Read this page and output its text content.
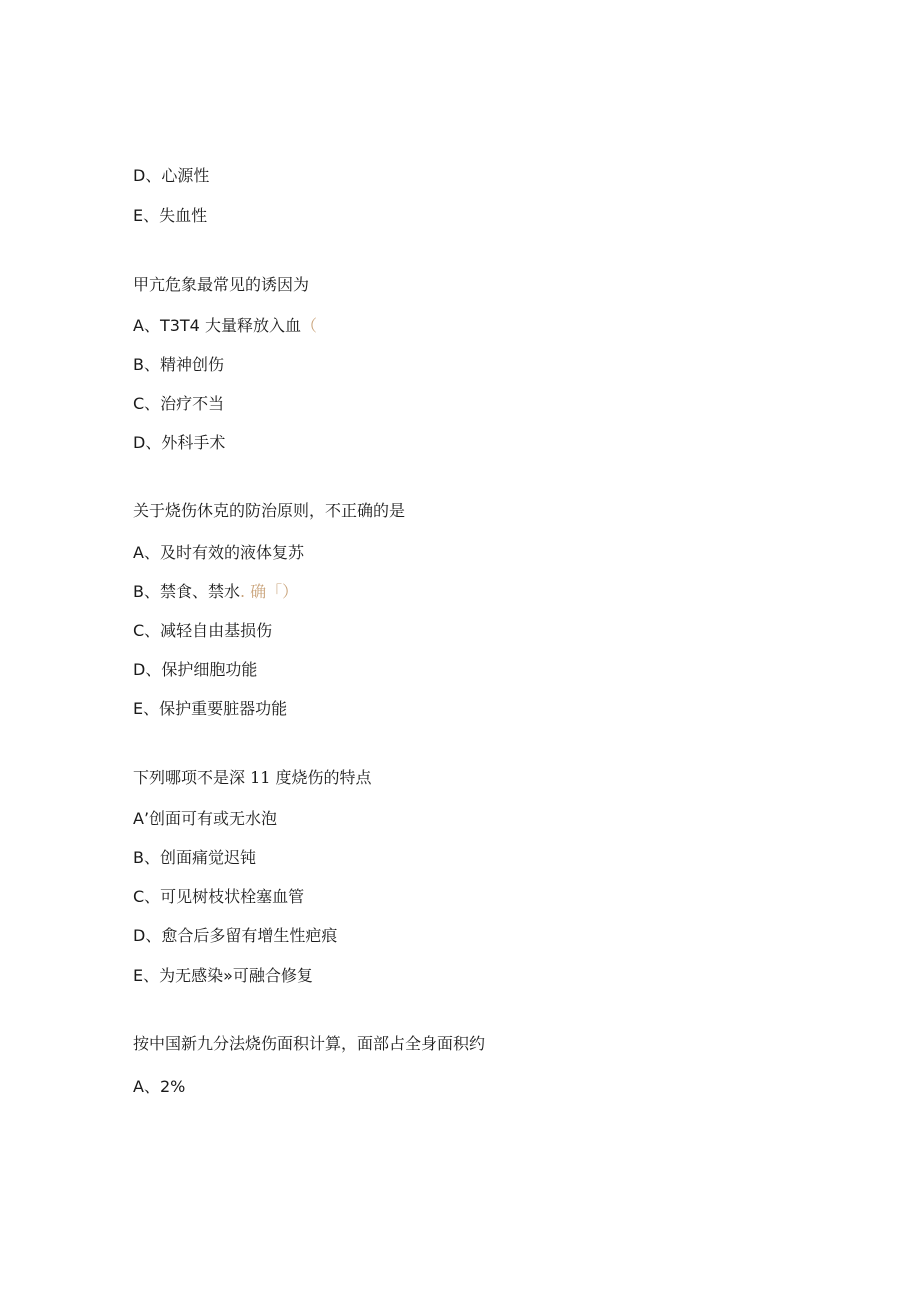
D、心源性
E、失血性
甲亢危象最常见的诱因为
A、T3T4 大量释放入血（
B、精神创伤
C、治疗不当
D、外科手术
关于烧伤休克的防治原则，不正确的是
A、及时有效的液体复苏
B、禁食、禁水. 确「）
C、减轻自由基损伤
D、保护细胞功能
E、保护重要脏器功能
下列哪项不是深 11 度烧伤的特点
A’创面可有或无水泡
B、创面痛觉迟钝
C、可见树枝状栓塞血管
D、愈合后多留有增生性疤痕
E、为无感染»可融合修复
按中国新九分法烧伤面积计算，面部占全身面积约
A、2%
